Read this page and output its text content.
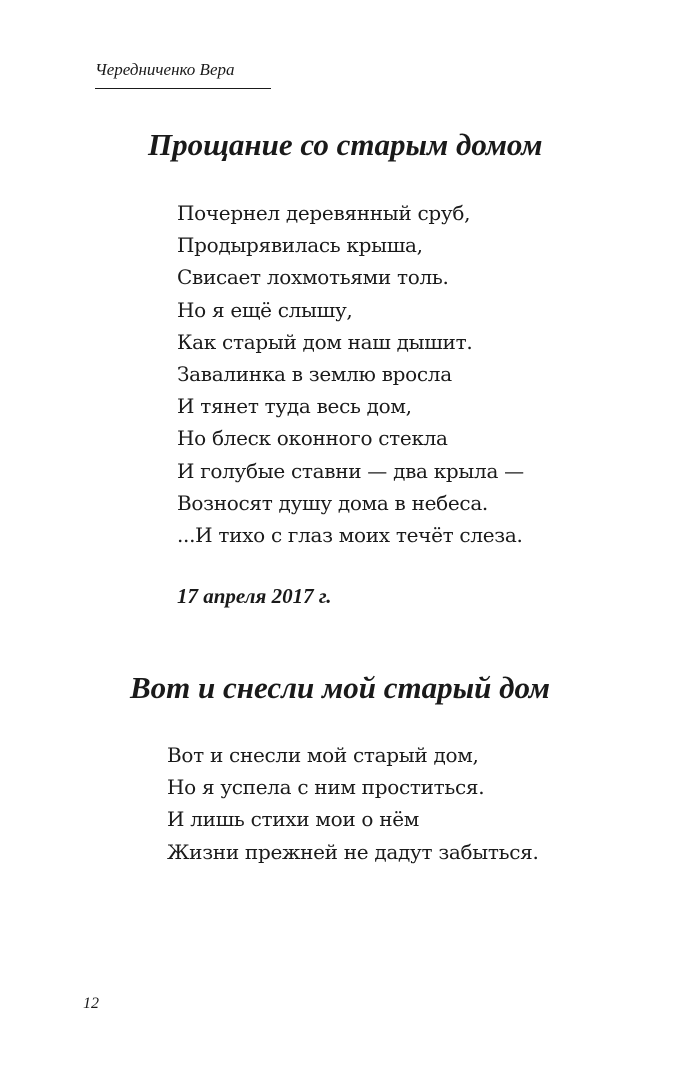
Чередниченко Вера
Прощание со старым домом
Почернел деревянный сруб,
Продырявилась крыша,
Свисает лохмотьями толь.
Но я ещё слышу,
Как старый дом наш дышит.
Завалинка в землю вросла
И тянет туда весь дом,
Но блеск оконного стекла
И голубые ставни — два крыла —
Возносят душу дома в небеса.
...И тихо с глаз моих течёт слеза.
17 апреля 2017 г.
Вот и снесли мой старый дом
Вот и снесли мой старый дом,
Но я успела с ним проститься.
И лишь стихи мои о нём
Жизни прежней не дадут забыться.
12
